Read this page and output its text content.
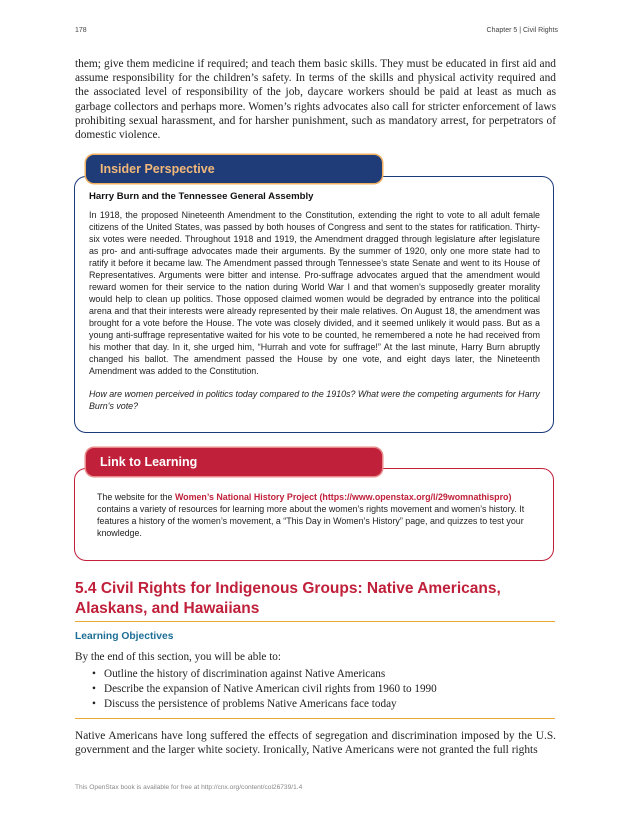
178	Chapter 5 | Civil Rights

them; give them medicine if required; and teach them basic skills. They must be educated in first aid and assume responsibility for the children’s safety. In terms of the skills and physical activity required and the associated level of responsibility of the job, daycare workers should be paid at least as much as garbage collectors and perhaps more. Women’s rights advocates also call for stricter enforcement of laws prohibiting sexual harassment, and for harsher punishment, such as mandatory arrest, for perpetrators of domestic violence.

Insider Perspective
Harry Burn and the Tennessee General Assembly

In 1918, the proposed Nineteenth Amendment to the Constitution, extending the right to vote to all adult female citizens of the United States, was passed by both houses of Congress and sent to the states for ratification. Thirty-six votes were needed. Throughout 1918 and 1919, the Amendment dragged through legislature after legislature as pro- and anti-suffrage advocates made their arguments. By the summer of 1920, only one more state had to ratify it before it became law. The Amendment passed through Tennessee’s state Senate and went to its House of Representatives. Arguments were bitter and intense. Pro-suffrage advocates argued that the amendment would reward women for their service to the nation during World War I and that women’s supposedly greater morality would help to clean up politics. Those opposed claimed women would be degraded by entrance into the political arena and that their interests were already represented by their male relatives. On August 18, the amendment was brought for a vote before the House. The vote was closely divided, and it seemed unlikely it would pass. But as a young anti-suffrage representative waited for his vote to be counted, he remembered a note he had received from his mother that day. In it, she urged him, “Hurrah and vote for suffrage!” At the last minute, Harry Burn abruptly changed his ballot. The amendment passed the House by one vote, and eight days later, the Nineteenth Amendment was added to the Constitution.

How are women perceived in politics today compared to the 1910s? What were the competing arguments for Harry Burn's vote?

Link to Learning

The website for the Women’s National History Project (https://www.openstax.org/l/29womnathispro) contains a variety of resources for learning more about the women’s rights movement and women’s history. It features a history of the women’s movement, a “This Day in Women’s History” page, and quizzes to test your knowledge.

5.4 Civil Rights for Indigenous Groups: Native Americans, Alaskans, and Hawaiians
Learning Objectives

By the end of this section, you will be able to:

• Outline the history of discrimination against Native Americans
• Describe the expansion of Native American civil rights from 1960 to 1990
• Discuss the persistence of problems Native Americans face today

Native Americans have long suffered the effects of segregation and discrimination imposed by the U.S. government and the larger white society. Ironically, Native Americans were not granted the full rights

This OpenStax book is available for free at http://cnx.org/content/col26739/1.4
